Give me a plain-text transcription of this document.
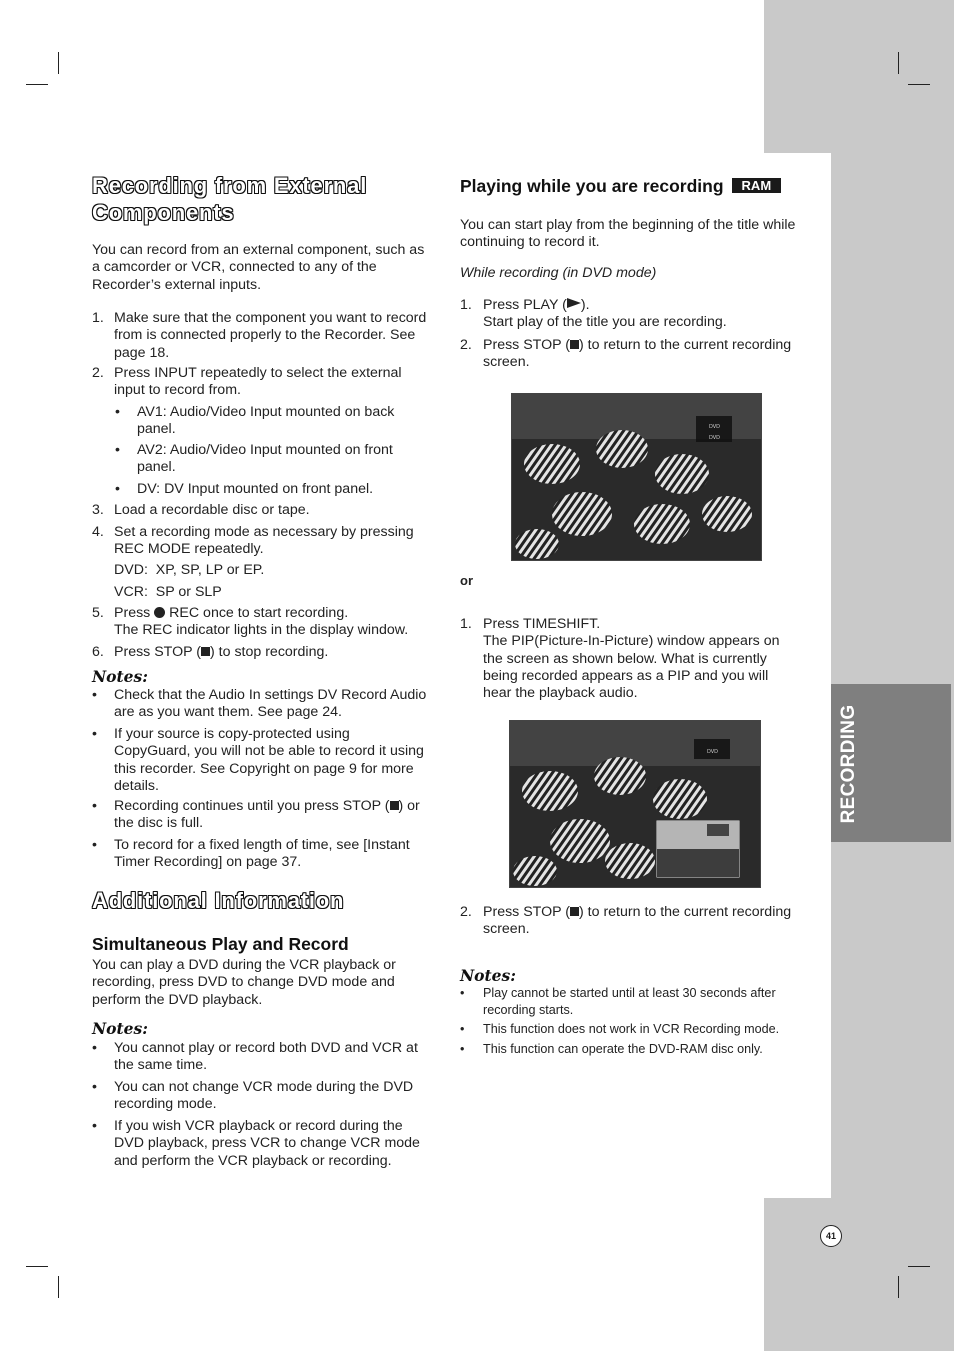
RECORDING
Recording from External
Components
You can record from an external component, such as
a camcorder or VCR, connected to any of the
Recorder’s external inputs.
1. Make sure that the component you want to record
from is connected properly to the Recorder. See
page 18.
2. Press INPUT repeatedly to select the external
input to record from.
• AV1: Audio/Video Input mounted on back
panel.
• AV2: Audio/Video Input mounted on front
panel.
• DV: DV Input mounted on front panel.
3. Load a recordable disc or tape.
4. Set a recording mode as necessary by pressing
REC MODE repeatedly.
DVD:  XP, SP, LP or EP.
VCR:  SP or SLP
5. Press  REC once to start recording.
The REC indicator lights in the display window.
6. Press STOP ( ) to stop recording.
Notes:
• Check that the Audio In settings DV Record Audio
are as you want them. See page 24.
• If your source is copy-protected using
CopyGuard, you will not be able to record it using
this recorder. See Copyright on page 9 for more
details.
• Recording continues until you press STOP ( ) or
the disc is full.
• To record for a fixed length of time, see [Instant
Timer Recording] on page 37.
Additional Information
Simultaneous Play and Record
You can play a DVD during the VCR playback or
recording, press DVD to change DVD mode and
perform the DVD playback.
Notes:
• You cannot play or record both DVD and VCR at
the same time.
• You can not change VCR mode during the DVD
recording mode.
• If you wish VCR playback or record during the
DVD playback, press VCR to change VCR mode
and perform the VCR playback or recording.
Playing while you are recording RAM
You can start play from the beginning of the title while
continuing to record it.
While recording (in DVD mode)
1. Press PLAY ( ).
Start play of the title you are recording.
2. Press STOP ( ) to return to the current recording
screen.
DVD
DVD
or
1. Press TIMESHIFT.
The PIP(Picture-In-Picture) window appears on
the screen as shown below. What is currently
being recorded appears as a PIP and you will
hear the playback audio.
DVD
2. Press STOP ( ) to return to the current recording
screen.
Notes:
• Play cannot be started until at least 30 seconds after
recording starts.
• This function does not work in VCR Recording mode.
• This function can operate the DVD-RAM disc only.
41
